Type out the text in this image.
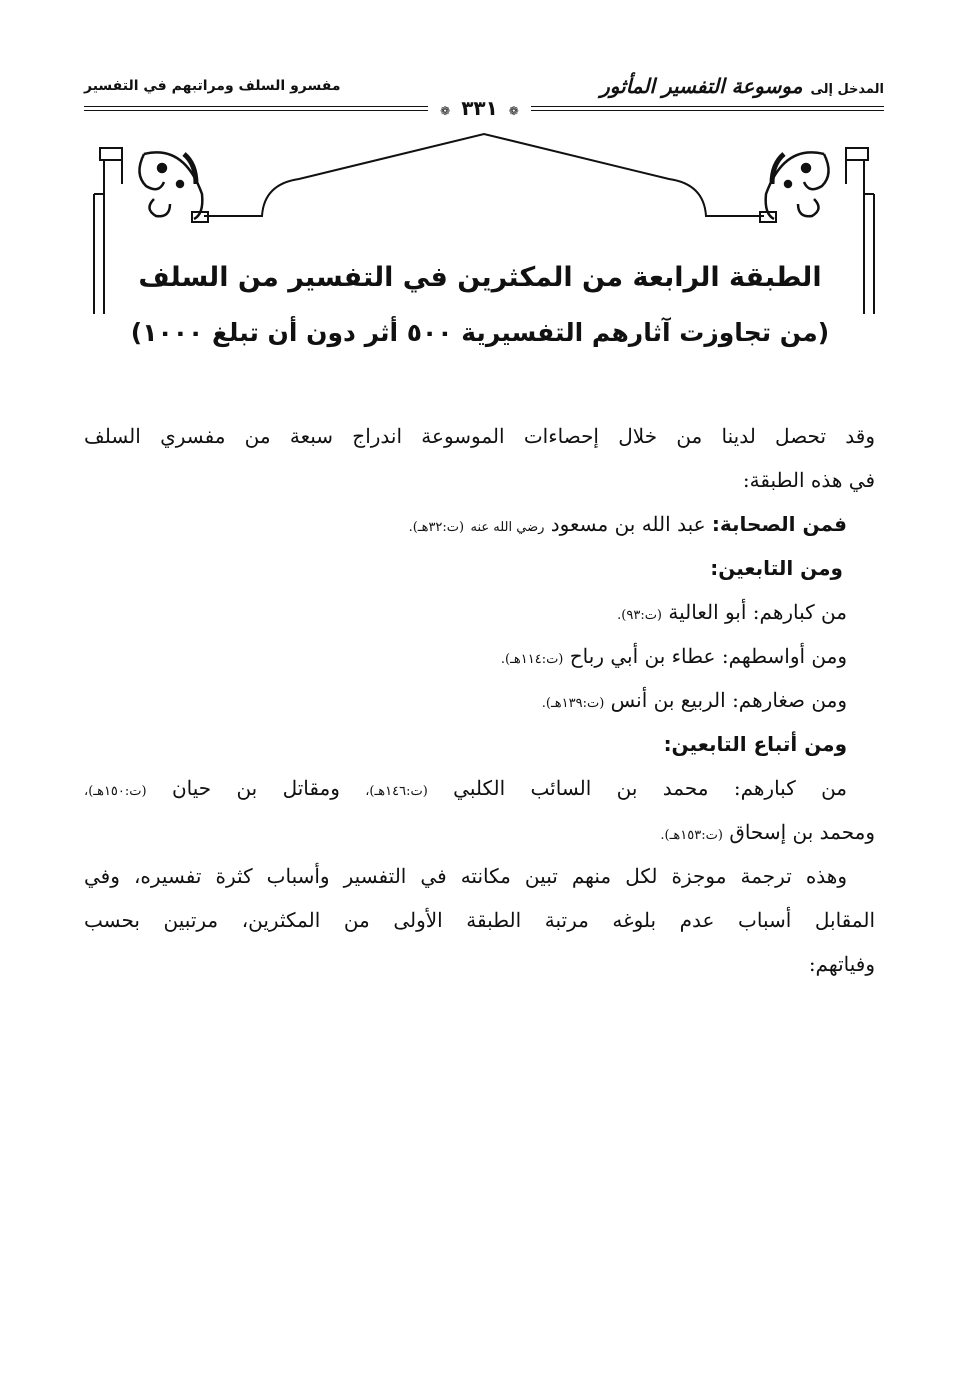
المدخل إلى
موسوعة التفسير المأثور
مفسرو السلف ومراتبهم في التفسير
❁ ٣٣١ ❁
الطبقة الرابعة من المكثرين في التفسير من السلف
(من تجاوزت آثارهم التفسيرية ٥٠٠ أثر دون أن تبلغ ١٠٠٠)
وقد تحصل لدينا من خلال إحصاءات الموسوعة اندراج سبعة من مفسري السلف
في هذه الطبقة:
فمن الصحابة: عبد الله بن مسعود رضي الله عنه (ت:٣٢هـ).
ومن التابعين:
من كبارهم: أبو العالية (ت:٩٣).
ومن أواسطهم: عطاء بن أبي رباح (ت:١١٤هـ).
ومن صغارهم: الربيع بن أنس (ت:١٣٩هـ).
ومن أتباع التابعين:
من كبارهم: محمد بن السائب الكلبي (ت:١٤٦هـ)، ومقاتل بن حيان (ت:١٥٠هـ)،
ومحمد بن إسحاق (ت:١٥٣هـ).
وهذه ترجمة موجزة لكل منهم تبين مكانته في التفسير وأسباب كثرة تفسيره، وفي
المقابل أسباب عدم بلوغه مرتبة الطبقة الأولى من المكثرين، مرتبين بحسب
وفياتهم:
